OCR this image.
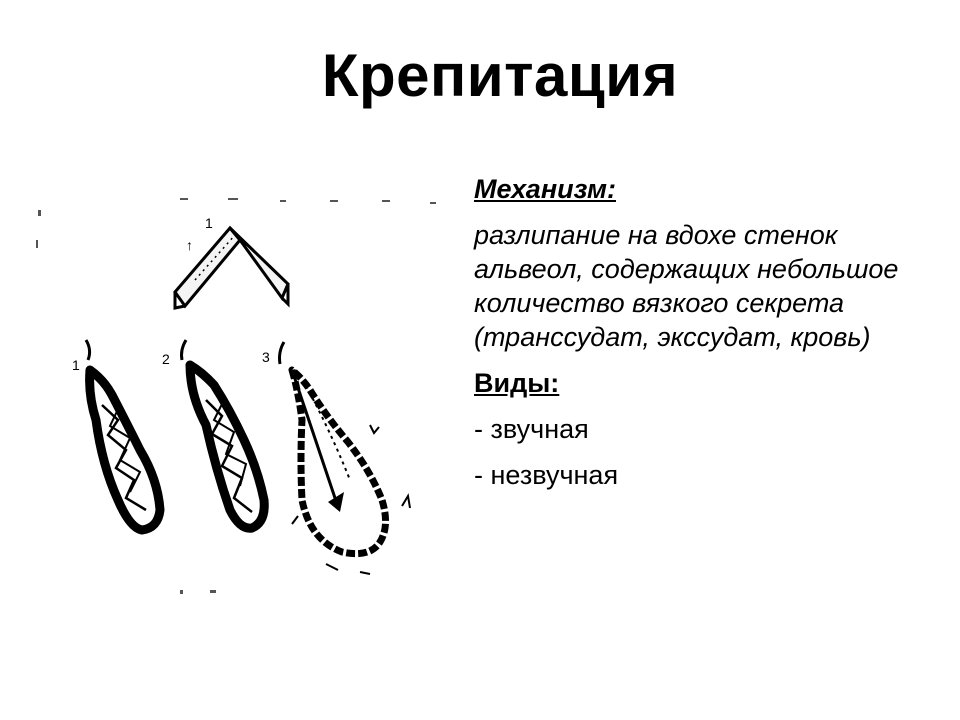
Крепитация
1
↑
1	2	3
Механизм:
разлипание на вдохе стенок альвеол, содержащих небольшое количество вязкого секрета (транссудат, экссудат, кровь)
Виды:
- звучная
- незвучная
